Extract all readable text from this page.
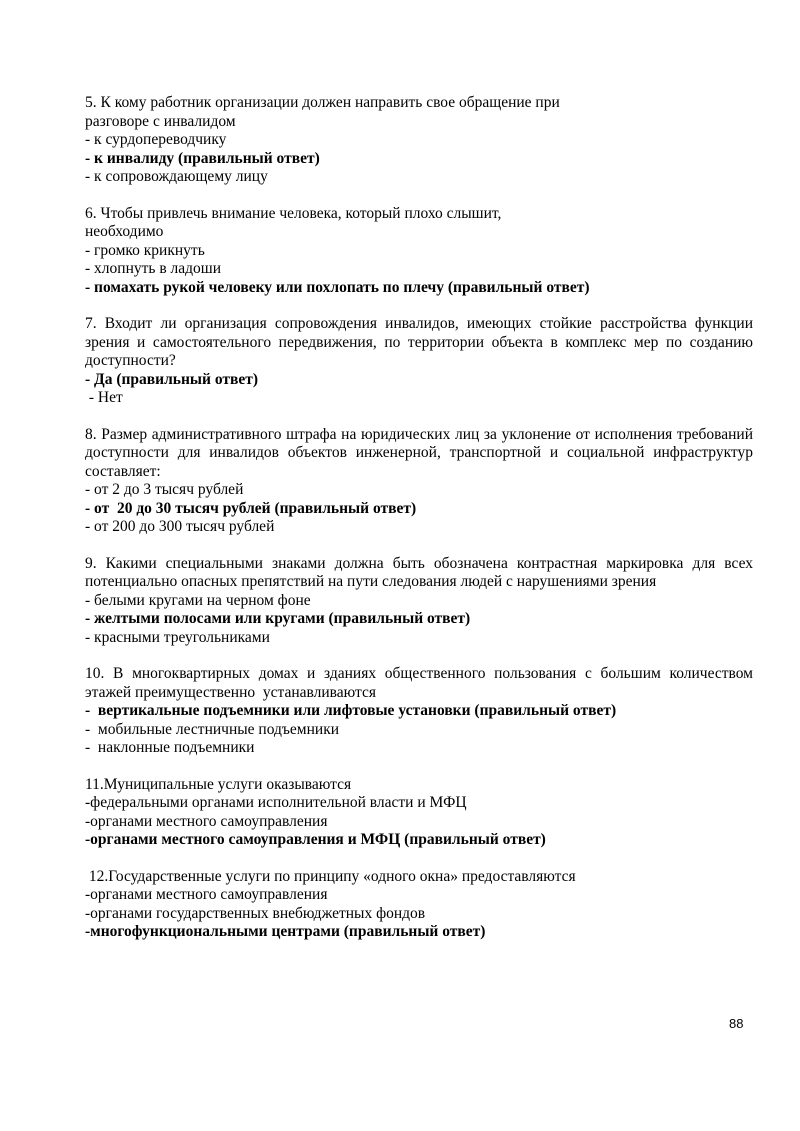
5. К кому работник организации должен направить свое обращение при

разговоре с инвалидом

- к сурдопереводчику

- к инвалиду (правильный ответ)

- к сопровождающему лицу

6. Чтобы привлечь внимание человека, который плохо слышит,

необходимо

- громко крикнуть

- хлопнуть в ладоши

- помахать рукой человеку или похлопать по плечу (правильный ответ)

7. Входит ли организация сопровождения инвалидов, имеющих стойкие расстройства функции зрения и самостоятельного передвижения, по территории объекта в комплекс мер по созданию доступности?

- Да (правильный ответ)

- Нет

8. Размер административного штрафа на юридических лиц за уклонение от исполнения требований доступности для инвалидов объектов инженерной, транспортной и социальной инфраструктур составляет:

- от 2 до 3 тысяч рублей

- от  20 до 30 тысяч рублей (правильный ответ)

- от 200 до 300 тысяч рублей

9. Какими специальными знаками должна быть обозначена контрастная маркировка для всех потенциально опасных препятствий на пути следования людей с нарушениями зрения

- белыми кругами на черном фоне

- желтыми полосами или кругами (правильный ответ)

- красными треугольниками

10. В многоквартирных домах и зданиях общественного пользования с большим количеством этажей преимущественно  устанавливаются

-  вертикальные подъемники или лифтовые установки (правильный ответ)

-  мобильные лестничные подъемники

-  наклонные подъемники

11.Муниципальные услуги оказываются

-федеральными органами исполнительной власти и МФЦ

-органами местного самоуправления

-органами местного самоуправления и МФЦ (правильный ответ)

12.Государственные услуги по принципу «одного окна» предоставляются

-органами местного самоуправления

-органами государственных внебюджетных фондов

-многофункциональными центрами (правильный ответ)

88
